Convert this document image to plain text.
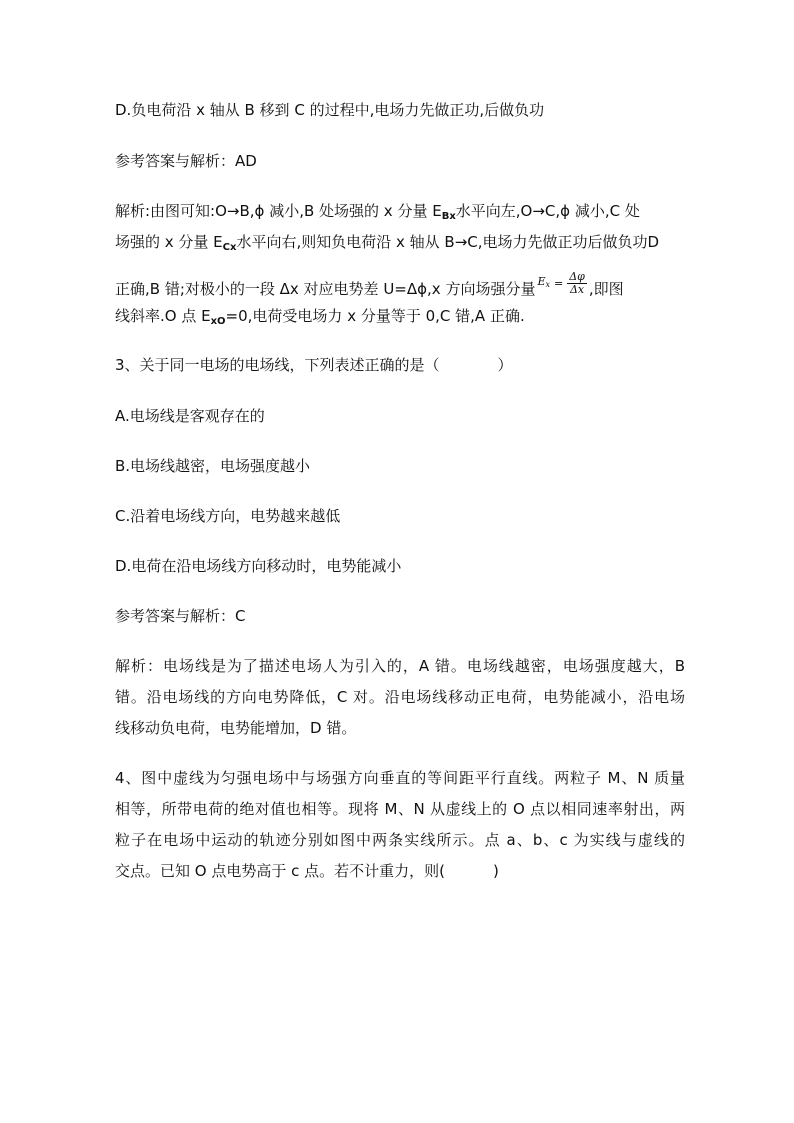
D.负电荷沿 x 轴从 B 移到 C 的过程中,电场力先做正功,后做负功
参考答案与解析：AD
解析:由图可知:O→B,ϕ 减小,B 处场强的 x 分量 $E_{Bx}$水平向左,O→C,ϕ 减小,C 处
场强的 x 分量 $E_{Cx}$水平向右,则知负电荷沿 x 轴从 B→C,电场力先做正功后做负功D
正确,B 错;对极小的一段 Δx 对应电势差 U=Δϕ,x 方向场强分量 $E_x = \frac{\Delta\varphi}{\Delta x}$ ,即图
线斜率.O 点 $E_{xO}=0$,电荷受电场力 x 分量等于 0,C 错,A 正确.
3、关于同一电场的电场线，下列表述正确的是（	）
A.电场线是客观存在的
B.电场线越密，电场强度越小
C.沿着电场线方向，电势越来越低
D.电荷在沿电场线方向移动时，电势能减小
参考答案与解析：C
解析：电场线是为了描述电场人为引入的，A 错。电场线越密，电场强度越大，B
错。沿电场线的方向电势降低，C 对。沿电场线移动正电荷，电势能减小，沿电场
线移动负电荷，电势能增加，D 错。
4、图中虚线为匀强电场中与场强方向垂直的等间距平行直线。两粒子 M、N 质量
相等，所带电荷的绝对值也相等。现将 M、N 从虚线上的 O 点以相同速率射出，两
粒子在电场中运动的轨迹分别如图中两条实线所示。点 a、b、c 为实线与虚线的
交点。已知 O 点电势高于 c 点。若不计重力，则(	)
